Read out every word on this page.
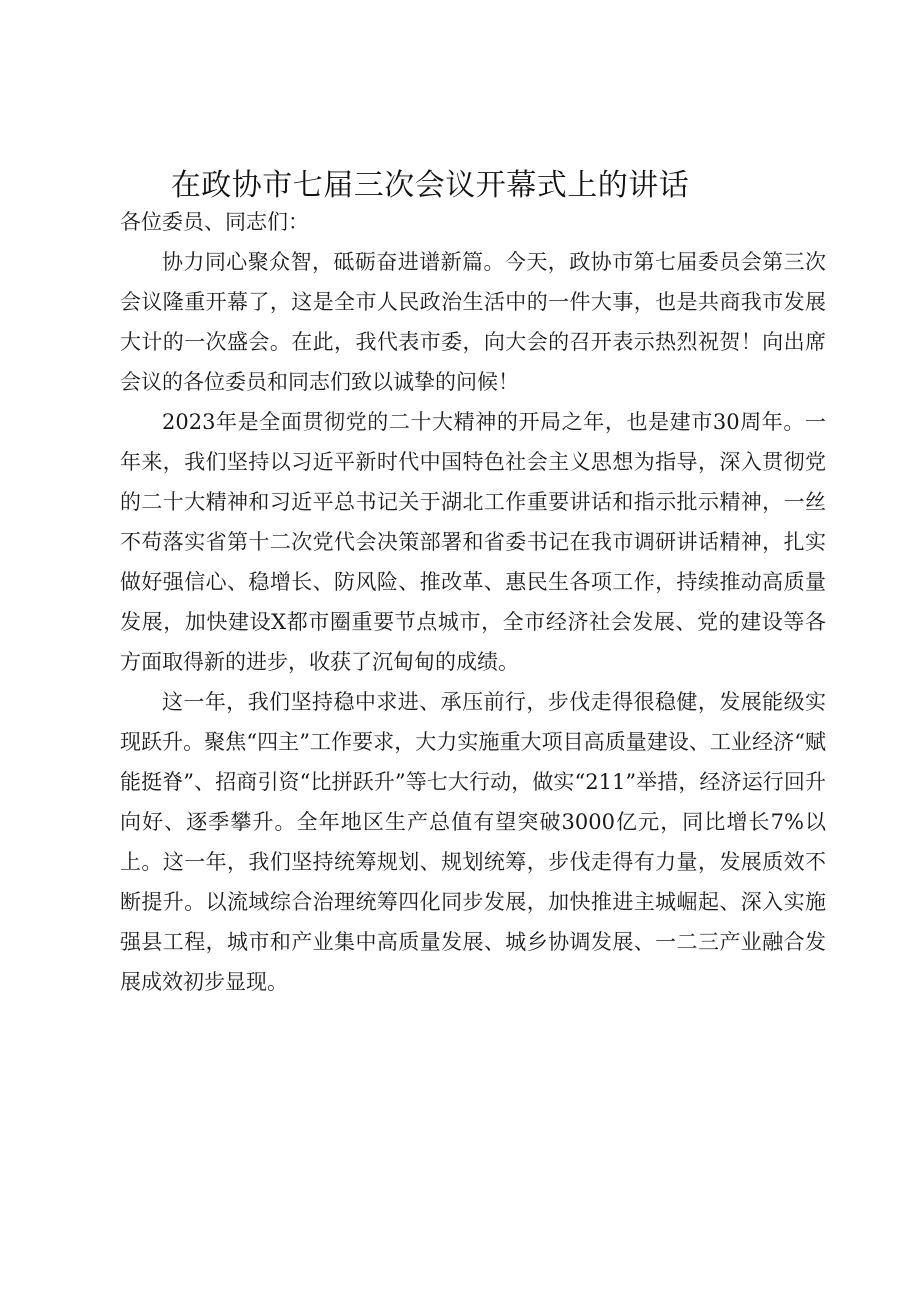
在政协市七届三次会议开幕式上的讲话

各位委员、同志们：

协力同心聚众智，砥砺奋进谱新篇。今天，政协市第七届委员会第三次会议隆重开幕了，这是全市人民政治生活中的一件大事，也是共商我市发展大计的一次盛会。在此，我代表市委，向大会的召开表示热烈祝贺！向出席会议的各位委员和同志们致以诚挚的问候！

2023年是全面贯彻党的二十大精神的开局之年，也是建市30周年。一年来，我们坚持以习近平新时代中国特色社会主义思想为指导，深入贯彻党的二十大精神和习近平总书记关于湖北工作重要讲话和指示批示精神，一丝不苟落实省第十二次党代会决策部署和省委书记在我市调研讲话精神，扎实做好强信心、稳增长、防风险、推改革、惠民生各项工作，持续推动高质量发展，加快建设X都市圈重要节点城市，全市经济社会发展、党的建设等各方面取得新的进步，收获了沉甸甸的成绩。

这一年，我们坚持稳中求进、承压前行，步伐走得很稳健，发展能级实现跃升。聚焦“四主”工作要求，大力实施重大项目高质量建设、工业经济“赋能挺脊”、招商引资“比拼跃升”等七大行动，做实“211”举措，经济运行回升向好、逐季攀升。全年地区生产总值有望突破3000亿元，同比增长7%以上。这一年，我们坚持统筹规划、规划统筹，步伐走得有力量，发展质效不断提升。以流域综合治理统筹四化同步发展，加快推进主城崛起、深入实施强县工程，城市和产业集中高质量发展、城乡协调发展、一二三产业融合发展成效初步显现。
